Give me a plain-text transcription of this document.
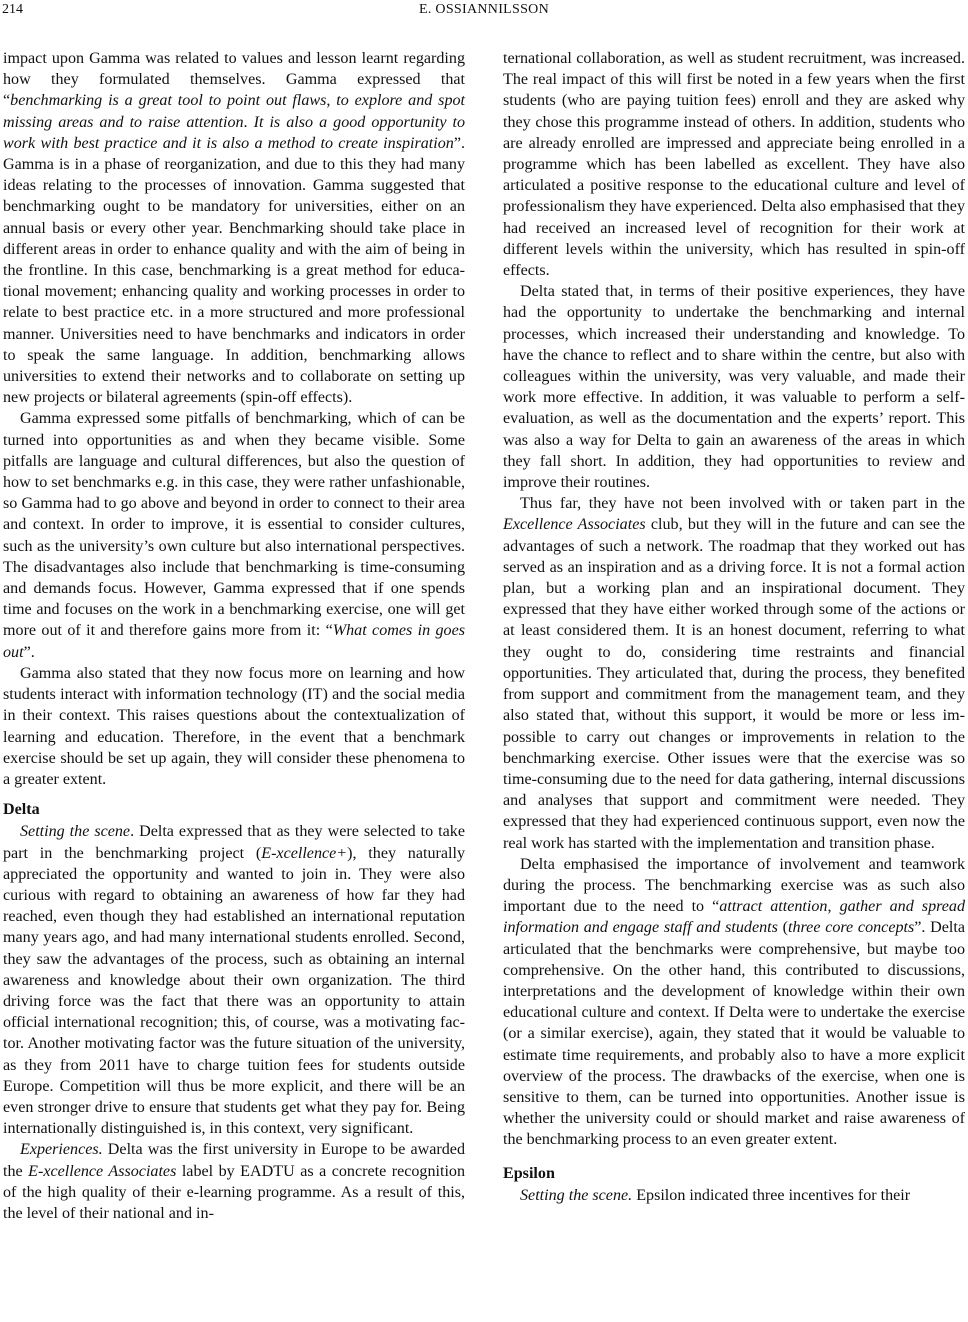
214	E. OSSIANNILSSON

impact upon Gamma was related to values and lesson learnt regarding how they formulated themselves. Gamma expressed that “benchmarking is a great tool to point out flaws, to explore and spot missing areas and to raise attention. It is also a good opportunity to work with best practice and it is also a method to create inspiration”. Gamma is in a phase of reorganization, and due to this they had many ideas relating to the processes of innovation. Gamma suggested that benchmarking ought to be mandatory for universities, either on an annual basis or every other year. Benchmarking should take place in different areas in order to enhance quality and with the aim of being in the frontline. In this case, benchmarking is a great method for educational movement; enhancing quality and working processes in order to relate to best practice etc. in a more structured and more professional manner. Universities need to have benchmarks and indicators in order to speak the same language. In addition, benchmarking allows universities to extend their networks and to collaborate on setting up new projects or bilateral agreements (spin-off effects).

Gamma expressed some pitfalls of benchmarking, which of can be turned into opportunities as and when they became visible. Some pitfalls are language and cultural differences, but also the question of how to set benchmarks e.g. in this case, they were rather unfashionable, so Gamma had to go above and beyond in order to connect to their area and context. In order to improve, it is essential to consider cultures, such as the university’s own culture but also international perspectives. The disadvantages also include that benchmarking is time-consuming and demands focus. However, Gamma expressed that if one spends time and focuses on the work in a benchmarking exercise, one will get more out of it and therefore gains more from it: “What comes in goes out”.

Gamma also stated that they now focus more on learning and how students interact with information technology (IT) and the social media in their context. This raises questions about the contextualization of learning and education. Therefore, in the event that a benchmark exercise should be set up again, they will consider these phenomena to a greater extent.

Delta

Setting the scene. Delta expressed that as they were selected to take part in the benchmarking project (E-xcellence+), they naturally appreciated the opportunity and wanted to join in. They were also curious with regard to obtaining an awareness of how far they had reached, even though they had established an international reputation many years ago, and had many international students enrolled. Second, they saw the advantages of the process, such as obtaining an internal awareness and knowledge about their own organization. The third driving force was the fact that there was an opportunity to attain official international recognition; this, of course, was a motivating factor. Another motivating factor was the future situation of the university, as they from 2011 have to charge tuition fees for students outside Europe. Competition will thus be more explicit, and there will be an even stronger drive to ensure that students get what they pay for. Being internationally distinguished is, in this context, very significant.

Experiences. Delta was the first university in Europe to be awarded the E-xcellence Associates label by EADTU as a concrete recognition of the high quality of their e-learning programme. As a result of this, the level of their national and in-

ternational collaboration, as well as student recruitment, was increased. The real impact of this will first be noted in a few years when the first students (who are paying tuition fees) enroll and they are asked why they chose this programme instead of others. In addition, students who are already enrolled are impressed and appreciate being enrolled in a programme which has been labelled as excellent. They have also articulated a positive response to the educational culture and level of professionalism they have experienced. Delta also emphasised that they had received an increased level of recognition for their work at different levels within the university, which has resulted in spin-off effects.

Delta stated that, in terms of their positive experiences, they have had the opportunity to undertake the benchmarking and internal processes, which increased their understanding and knowledge. To have the chance to reflect and to share within the centre, but also with colleagues within the university, was very valuable, and made their work more effective. In addition, it was valuable to perform a self-evaluation, as well as the documentation and the experts’ report. This was also a way for Delta to gain an awareness of the areas in which they fall short. In addition, they had opportunities to review and improve their routines.

Thus far, they have not been involved with or taken part in the Excellence Associates club, but they will in the future and can see the advantages of such a network. The roadmap that they worked out has served as an inspiration and as a driving force. It is not a formal action plan, but a working plan and an inspirational document. They expressed that they have either worked through some of the actions or at least considered them. It is an honest document, referring to what they ought to do, considering time restraints and financial opportunities. They articulated that, during the process, they benefited from support and commitment from the management team, and they also stated that, without this support, it would be more or less impossible to carry out changes or improvements in relation to the benchmarking exercise. Other issues were that the exercise was so time-consuming due to the need for data gathering, internal discussions and analyses that support and commitment were needed. They expressed that they had experienced continuous support, even now the real work has started with the implementation and transition phase.

Delta emphasised the importance of involvement and teamwork during the process. The benchmarking exercise was as such also important due to the need to “attract attention, gather and spread information and engage staff and students (three core concepts”. Delta articulated that the benchmarks were comprehensive, but maybe too comprehensive. On the other hand, this contributed to discussions, interpretations and the development of knowledge within their own educational culture and context. If Delta were to undertake the exercise (or a similar exercise), again, they stated that it would be valuable to estimate time requirements, and probably also to have a more explicit overview of the process. The drawbacks of the exercise, when one is sensitive to them, can be turned into opportunities. Another issue is whether the university could or should market and raise awareness of the benchmarking process to an even greater extent.

Epsilon

Setting the scene. Epsilon indicated three incentives for their
